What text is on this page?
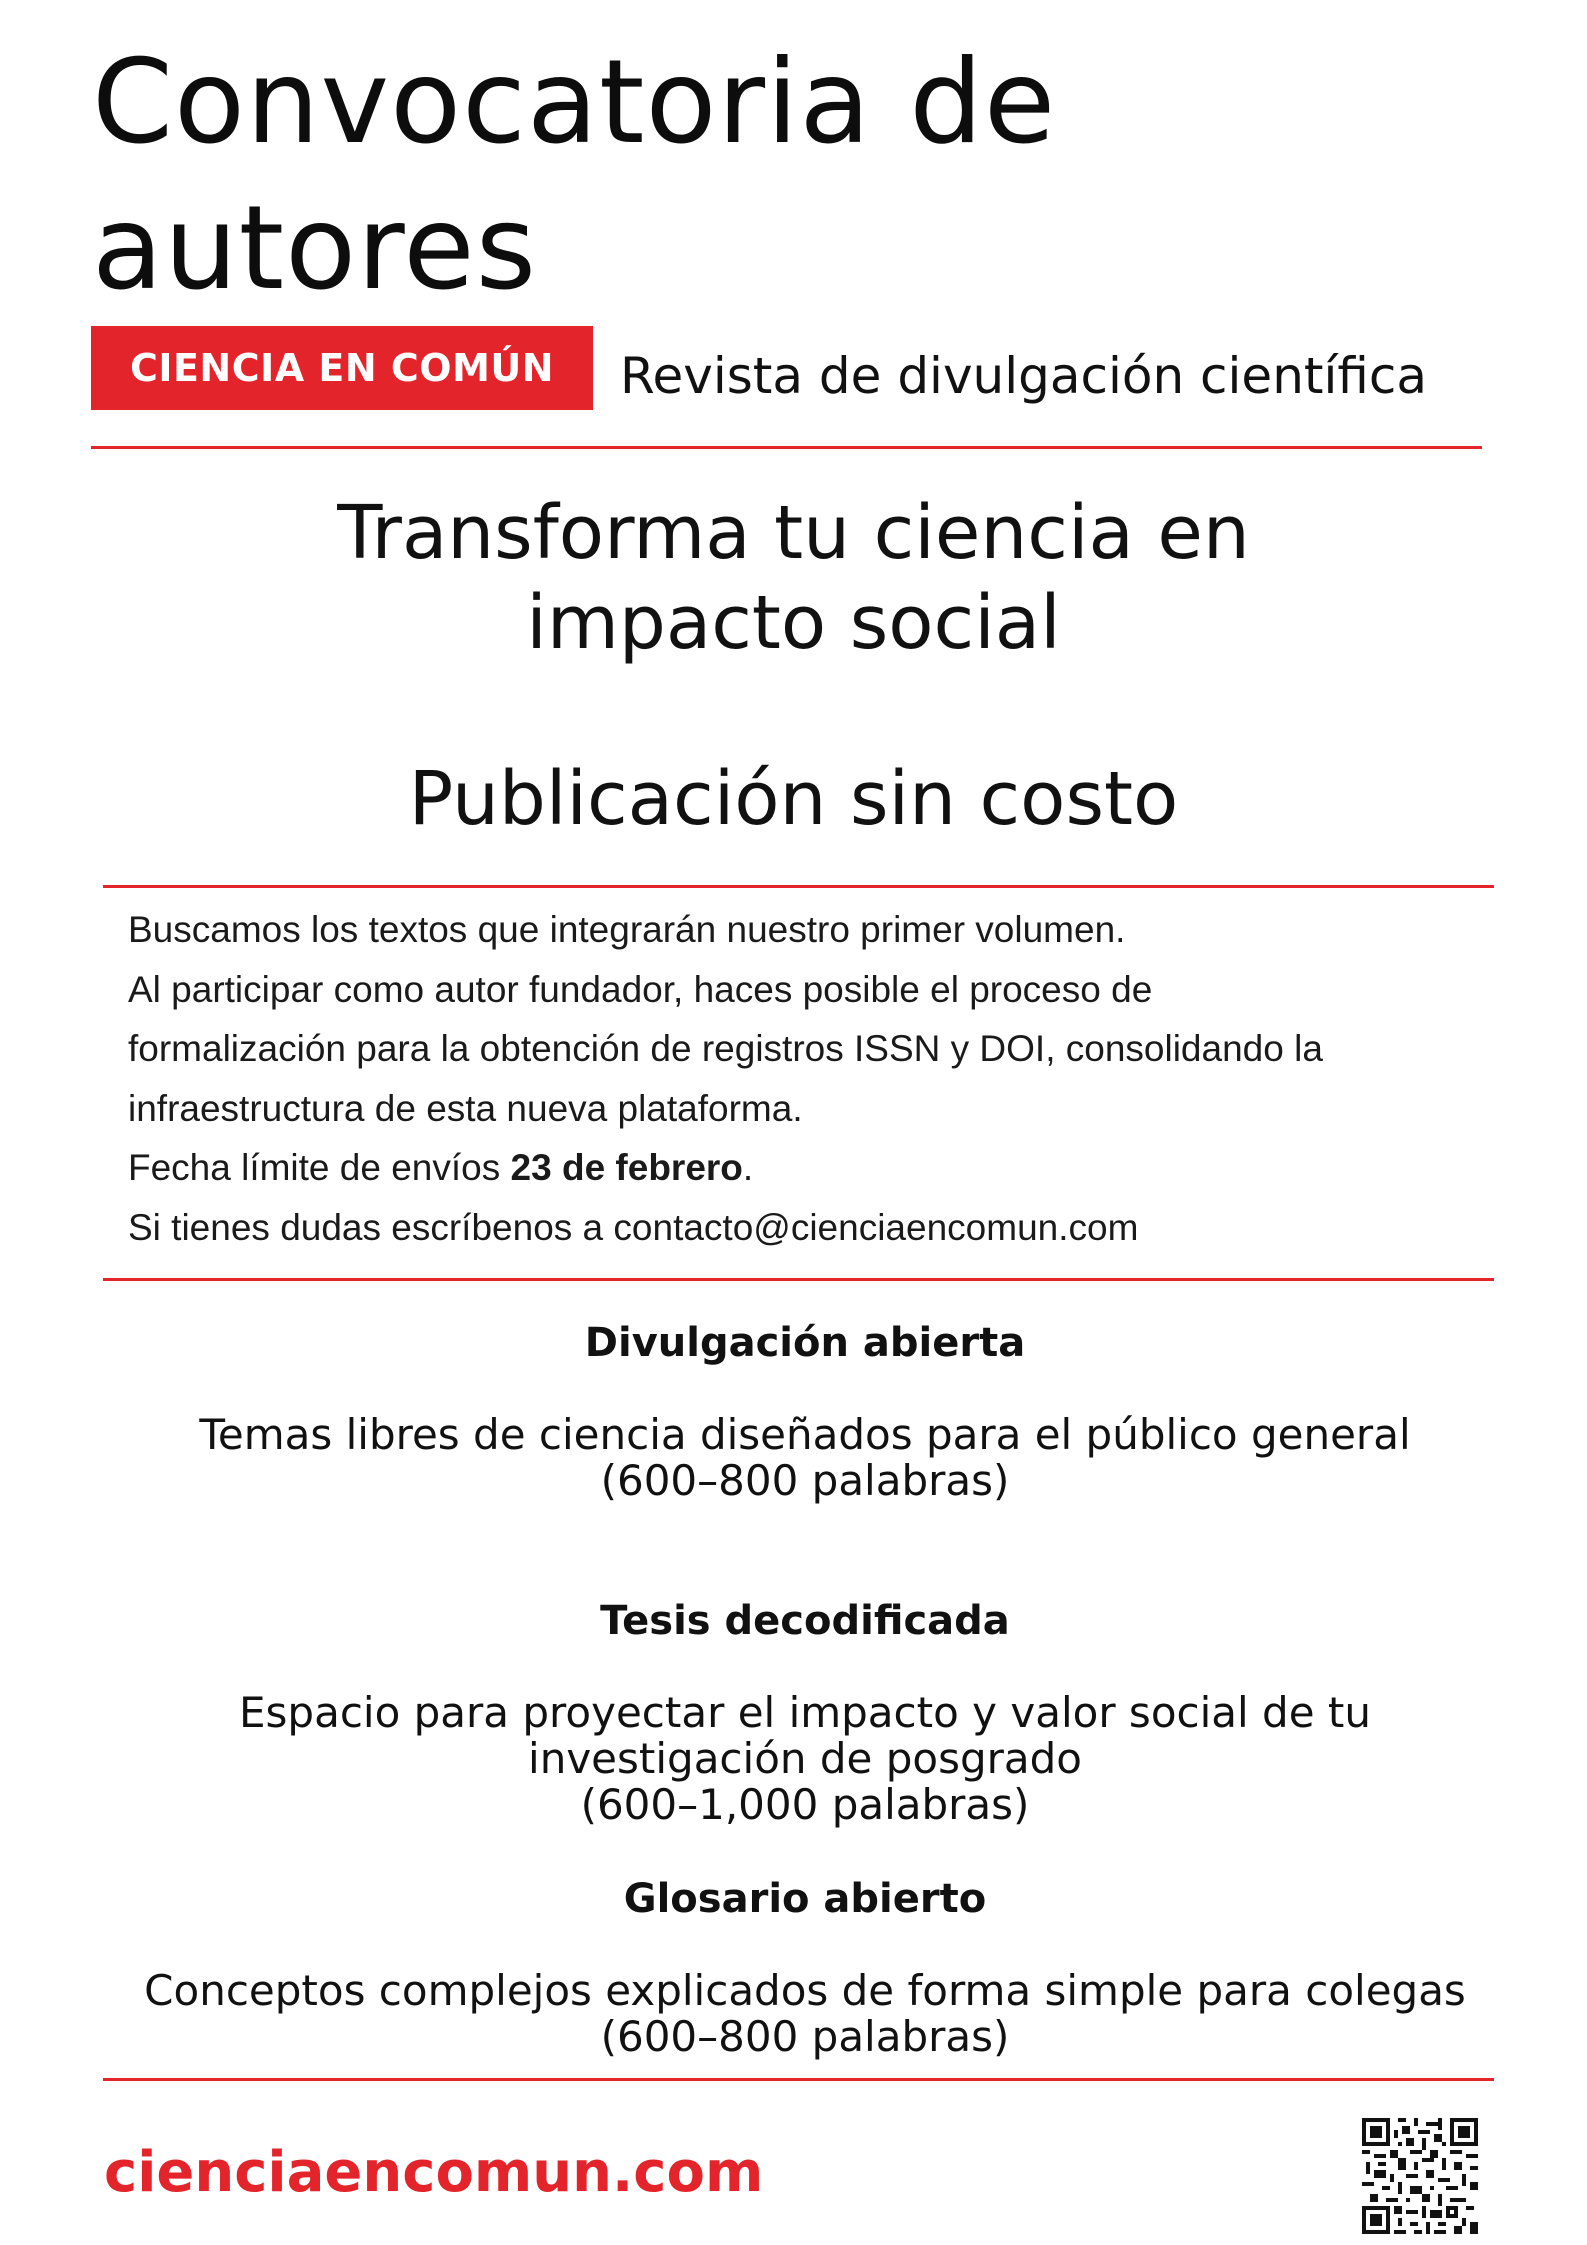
Convocatoria de
autores
CIENCIA EN COMÚN	Revista de divulgación científica
Transforma tu ciencia en
impacto social
Publicación sin costo

Buscamos los textos que integrarán nuestro primer volumen.

Al participar como autor fundador, haces posible el proceso de

formalización para la obtención de registros ISSN y DOI, consolidando la

infraestructura de esta nueva plataforma.

Fecha límite de envíos 23 de febrero.

Si tienes dudas escríbenos a contacto@cienciaencomun.com

Divulgación abierta
Temas libres de ciencia diseñados para el público general
(600–800 palabras)
Tesis decodificada
Espacio para proyectar el impacto y valor social de tu
investigación de posgrado
(600–1,000 palabras)
Glosario abierto
Conceptos complejos explicados de forma simple para colegas
(600–800 palabras)
cienciaencomun.com
